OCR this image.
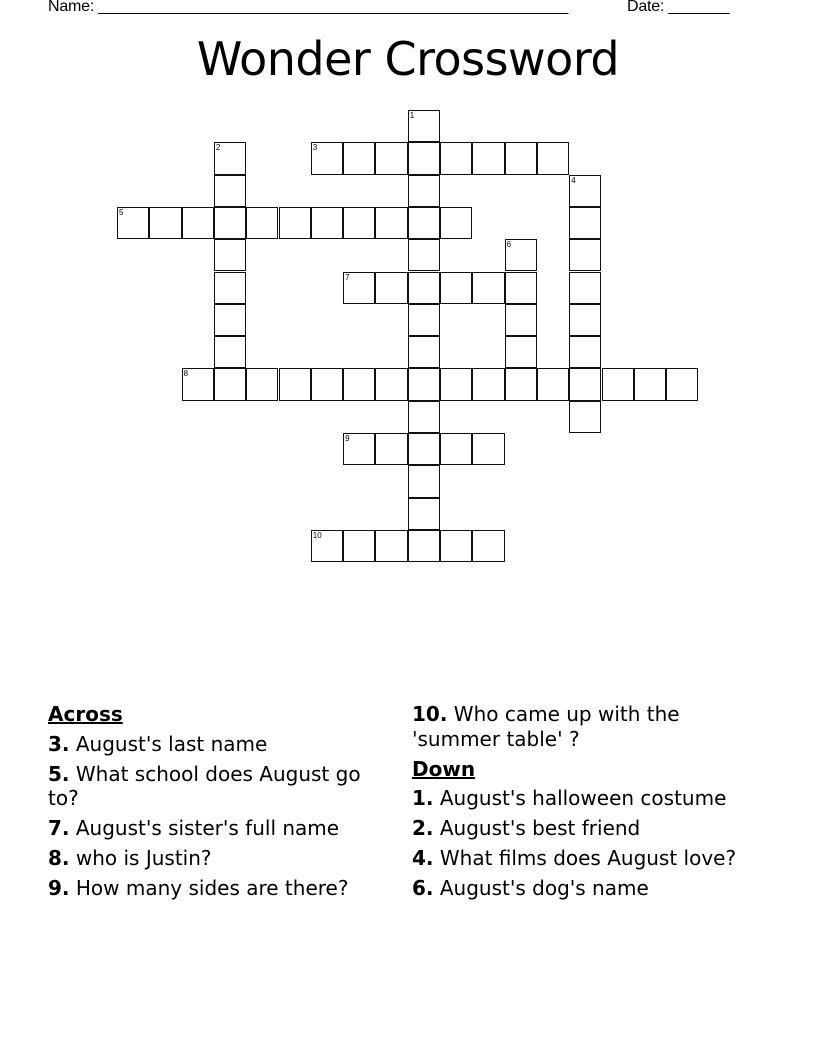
Name: ______________________________________________________	Date: _______
Wonder Crossword
1
2	3
4
5
6
7
8
9
10
Across
3. August's last name
5. What school does August go to?
7. August's sister's full name
8. who is Justin?
9. How many sides are there?
10. Who came up with the 'summer table' ?
Down
1. August's halloween costume
2. August's best friend
4. What films does August love?
6. August's dog's name
